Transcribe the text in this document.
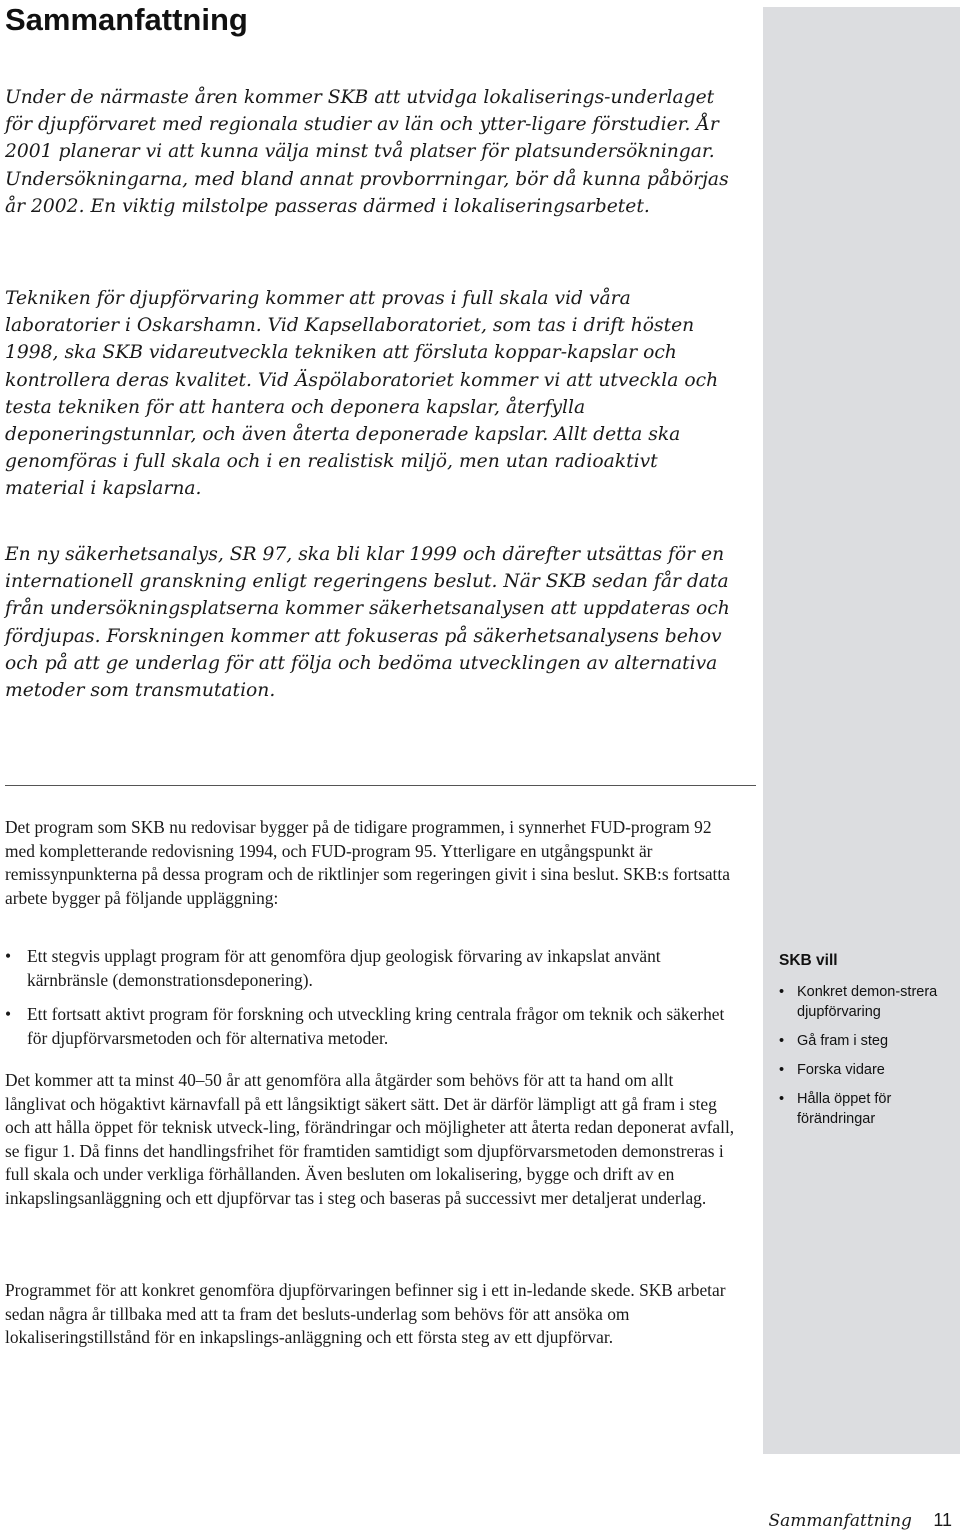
Sammanfattning

Under de närmaste åren kommer SKB att utvidga lokaliserings-underlaget för djupförvaret med regionala studier av län och ytter-ligare förstudier. År 2001 planerar vi att kunna välja minst två platser för platsundersökningar. Undersökningarna, med bland annat provborrningar, bör då kunna påbörjas år 2002. En viktig milstolpe passeras därmed i lokaliseringsarbetet.

Tekniken för djupförvaring kommer att provas i full skala vid våra laboratorier i Oskarshamn. Vid Kapsellaboratoriet, som tas i drift hösten 1998, ska SKB vidareutveckla tekniken att försluta koppar-kapslar och kontrollera deras kvalitet. Vid Äspölaboratoriet kommer vi att utveckla och testa tekniken för att hantera och deponera kapslar, återfylla deponeringstunnlar, och även återta deponerade kapslar. Allt detta ska genomföras i full skala och i en realistisk miljö, men utan radioaktivt material i kapslarna.

En ny säkerhetsanalys, SR 97, ska bli klar 1999 och därefter utsättas för en internationell granskning enligt regeringens beslut. När SKB sedan får data från undersökningsplatserna kommer säkerhetsanalysen att uppdateras och fördjupas. Forskningen kommer att fokuseras på säkerhetsanalysens behov och på att ge underlag för att följa och bedöma utvecklingen av alternativa metoder som transmutation.

Det program som SKB nu redovisar bygger på de tidigare programmen, i synnerhet FUD-program 92 med kompletterande redovisning 1994, och FUD-program 95. Ytterligare en utgångspunkt är remissynpunkterna på dessa program och de riktlinjer som regeringen givit i sina beslut. SKB:s fortsatta arbete bygger på följande uppläggning:

• Ett stegvis upplagt program för att genomföra djup geologisk förvaring av inkapslat använt kärnbränsle (demonstrationsdeponering).
• Ett fortsatt aktivt program för forskning och utveckling kring centrala frågor om teknik och säkerhet för djupförvarsmetoden och för alternativa metoder.

Det kommer att ta minst 40–50 år att genomföra alla åtgärder som behövs för att ta hand om allt långlivat och högaktivt kärnavfall på ett långsiktigt säkert sätt. Det är därför lämpligt att gå fram i steg och att hålla öppet för teknisk utveck-ling, förändringar och möjligheter att återta redan deponerat avfall, se figur 1. Då finns det handlingsfrihet för framtiden samtidigt som djupförvarsmetoden demonstreras i full skala och under verkliga förhållanden. Även besluten om lokalisering, bygge och drift av en inkapslingsanläggning och ett djupförvar tas i steg och baseras på successivt mer detaljerat underlag.

Programmet för att konkret genomföra djupförvaringen befinner sig i ett in-ledande skede. SKB arbetar sedan några år tillbaka med att ta fram det besluts-underlag som behövs för att ansöka om lokaliseringstillstånd för en inkapslings-anläggning och ett första steg av ett djupförvar.

SKB vill

• Konkret demon-strera djupförvaring
• Gå fram i steg
• Forska vidare
• Hålla öppet för förändringar
Sammanfattning 11
